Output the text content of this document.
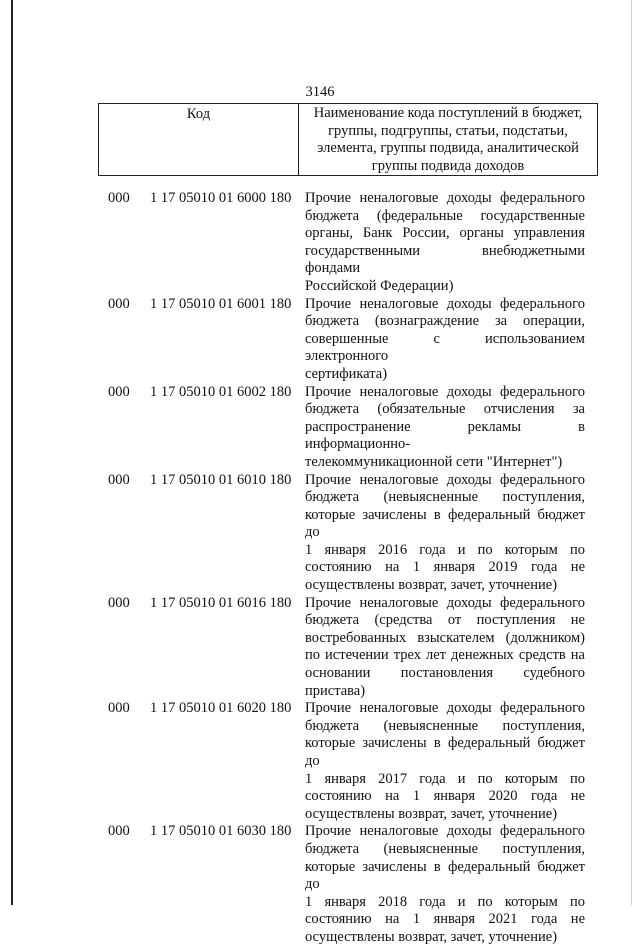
3146
Код	Наименование кода поступлений в бюджет,
группы, подгруппы, статьи, подстатьи,
элемента, группы подвида, аналитической
группы подвида доходов
000 1 17 05010 01 6000 180 Прочие неналоговые доходы федерального
бюджета (федеральные государственные
органы, Банк России, органы управления
государственными внебюджетными фондами
Российской Федерации)
000 1 17 05010 01 6001 180 Прочие неналоговые доходы федерального
бюджета (вознаграждение за операции,
совершенные с использованием электронного
сертификата)
000 1 17 05010 01 6002 180 Прочие неналоговые доходы федерального
бюджета (обязательные отчисления за
распространение рекламы в информационно-
телекоммуникационной сети "Интернет")
000 1 17 05010 01 6010 180 Прочие неналоговые доходы федерального
бюджета (невыясненные поступления,
которые зачислены в федеральный бюджет до
1 января 2016 года и по которым по
состоянию на 1 января 2019 года не
осуществлены возврат, зачет, уточнение)
000 1 17 05010 01 6016 180 Прочие неналоговые доходы федерального
бюджета (средства от поступления не
востребованных взыскателем (должником)
по истечении трех лет денежных средств на
основании постановления судебного
пристава)
000 1 17 05010 01 6020 180 Прочие неналоговые доходы федерального
бюджета (невыясненные поступления,
которые зачислены в федеральный бюджет до
1 января 2017 года и по которым по
состоянию на 1 января 2020 года не
осуществлены возврат, зачет, уточнение)
000 1 17 05010 01 6030 180 Прочие неналоговые доходы федерального
бюджета (невыясненные поступления,
которые зачислены в федеральный бюджет до
1 января 2018 года и по которым по
состоянию на 1 января 2021 года не
осуществлены возврат, зачет, уточнение)
